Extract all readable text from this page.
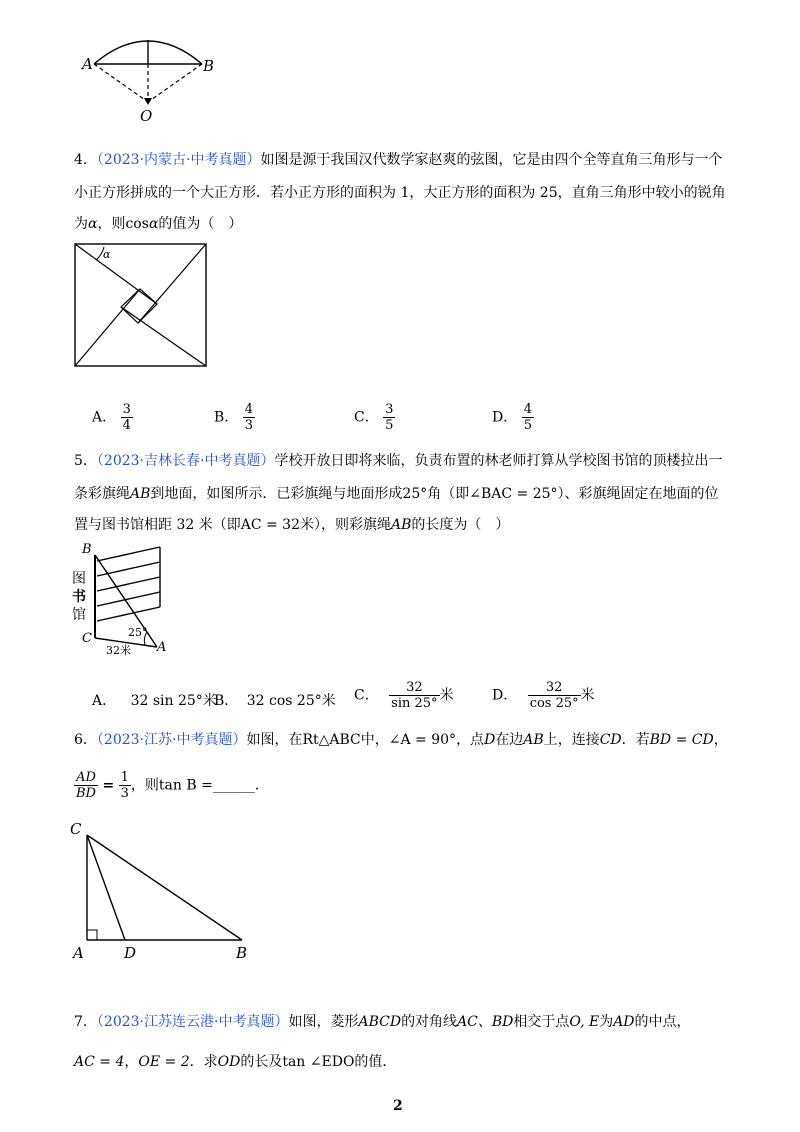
A	B
O
4．（2023·内蒙古·中考真题）如图是源于我国汉代数学家赵爽的弦图，它是由四个全等直角三角形与一个
小正方形拼成的一个大正方形．若小正方形的面积为 1，大正方形的面积为 25，直角三角形中较小的锐角
为α，则cosα的值为（　）
α
A． $\frac{3}{4}$	B． $\frac{4}{3}$	C． $\frac{3}{5}$	D． $\frac{4}{5}$
5．（2023·吉林长春·中考真题）学校开放日即将来临，负责布置的林老师打算从学校图书馆的顶楼拉出一
条彩旗绳AB到地面，如图所示．已彩旗绳与地面形成25°角（即∠BAC = 25°）、彩旗绳固定在地面的位
置与图书馆相距 32 米（即AC = 32米），则彩旗绳AB的长度为（　）
B
图
书
馆
C	25°
A
32米
A． 32 sin 25°米
B． 32 cos 25°米 C． $\frac{32}{\sin 25^\circ}$ 米	D． $\frac{32}{\cos 25^\circ}$ 米
6．（2023·江苏·中考真题）如图，在Rt△ABC中，∠A = 90°，点D在边AB上，连接CD．若BD = CD，
$\frac{AD}{BD} = \frac{1}{3}$ ，则tan B =______．
C
A	D	B
7．（2023·江苏连云港·中考真题）如图，菱形ABCD的对角线AC、BD相交于点O, E为AD的中点，
AC = 4，OE = 2．求OD的长及tan ∠EDO的值．
2
